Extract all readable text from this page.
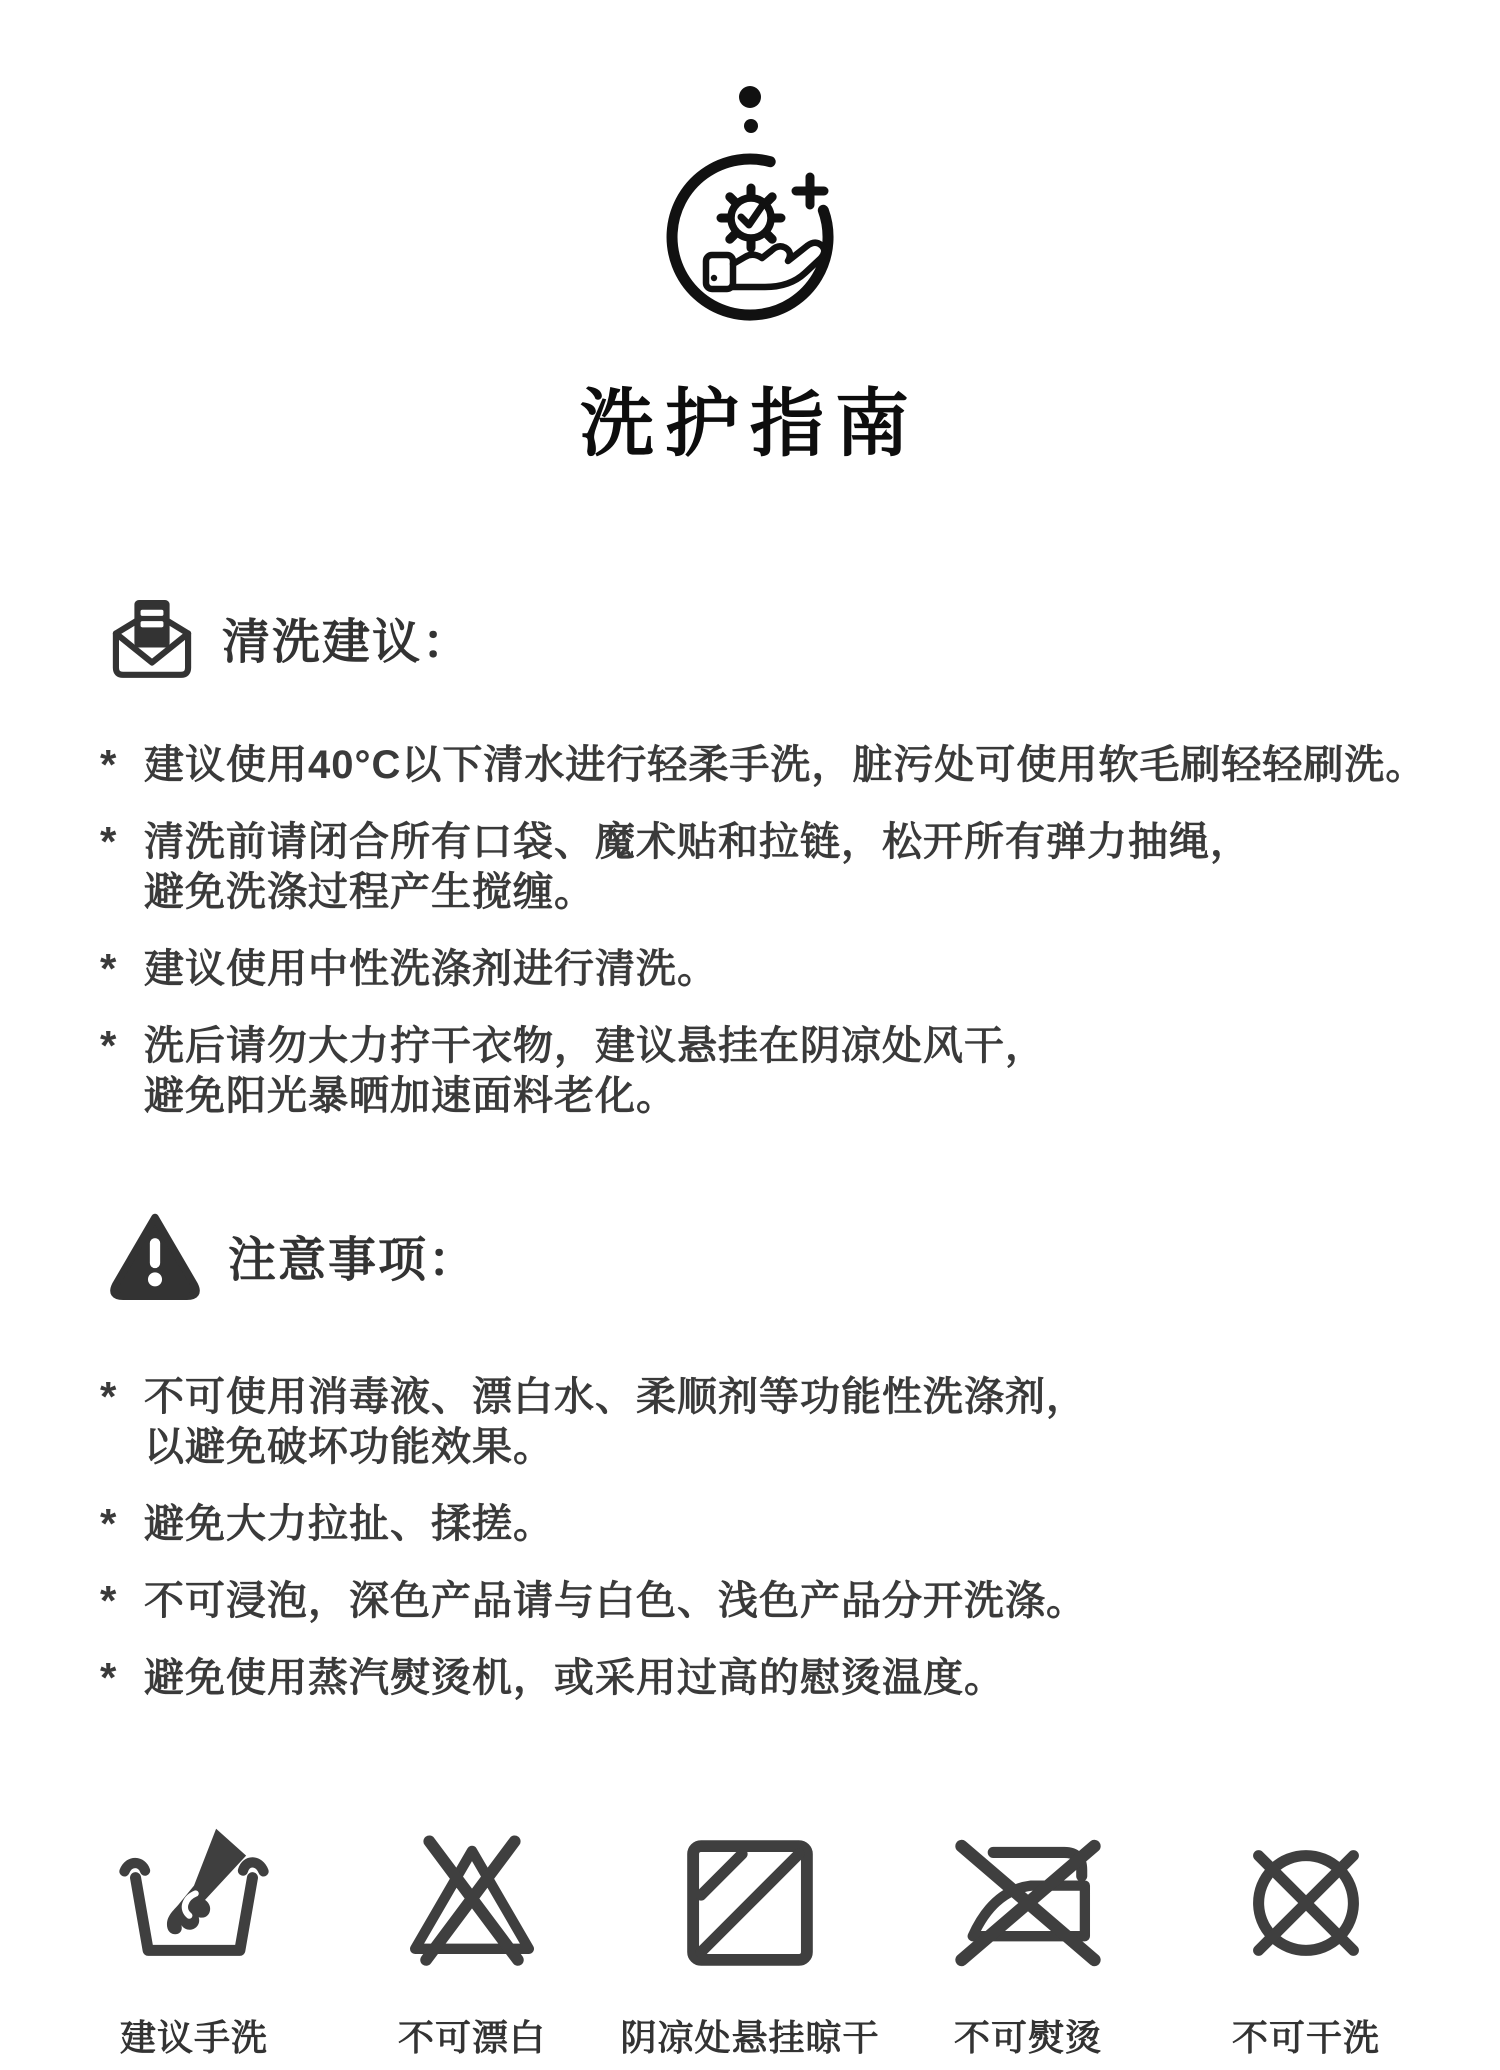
洗护指南
清洗建议：
* 建议使用40°C以下清水进行轻柔手洗，脏污处可使用软毛刷轻轻刷洗。
* 清洗前请闭合所有口袋、魔术贴和拉链，松开所有弹力抽绳，
避免洗涤过程产生搅缠。
* 建议使用中性洗涤剂进行清洗。
* 洗后请勿大力拧干衣物，建议悬挂在阴凉处风干，
避免阳光暴晒加速面料老化。
注意事项：
* 不可使用消毒液、漂白水、柔顺剂等功能性洗涤剂，
以避免破坏功能效果。
* 避免大力拉扯、揉搓。
* 不可浸泡，深色产品请与白色、浅色产品分开洗涤。
* 避免使用蒸汽熨烫机，或采用过高的慰烫温度。
建议手洗	不可漂白 阴凉处悬挂晾干 不可熨烫	不可干洗
